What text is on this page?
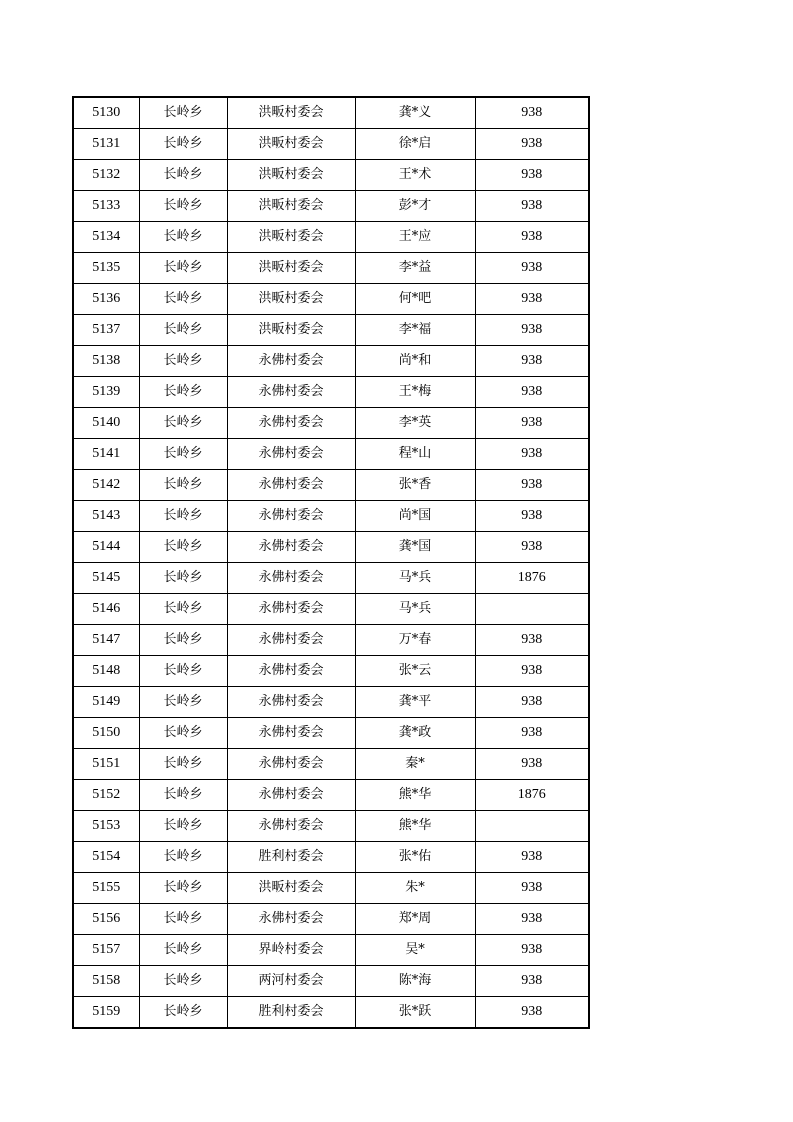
5130	长岭乡	洪畈村委会	龚*义	938
5131	长岭乡	洪畈村委会	徐*启	938
5132	长岭乡	洪畈村委会	王*术	938
5133	长岭乡	洪畈村委会	彭*才	938
5134	长岭乡	洪畈村委会	王*应	938
5135	长岭乡	洪畈村委会	李*益	938
5136	长岭乡	洪畈村委会	何*吧	938
5137	长岭乡	洪畈村委会	李*福	938
5138	长岭乡	永佛村委会	尚*和	938
5139	长岭乡	永佛村委会	王*梅	938
5140	长岭乡	永佛村委会	李*英	938
5141	长岭乡	永佛村委会	程*山	938
5142	长岭乡	永佛村委会	张*香	938
5143	长岭乡	永佛村委会	尚*国	938
5144	长岭乡	永佛村委会	龚*国	938
5145	长岭乡	永佛村委会	马*兵	1876
5146	长岭乡	永佛村委会	马*兵	
5147	长岭乡	永佛村委会	万*春	938
5148	长岭乡	永佛村委会	张*云	938
5149	长岭乡	永佛村委会	龚*平	938
5150	长岭乡	永佛村委会	龚*政	938
5151	长岭乡	永佛村委会	秦*	938
5152	长岭乡	永佛村委会	熊*华	1876
5153	长岭乡	永佛村委会	熊*华	
5154	长岭乡	胜利村委会	张*佑	938
5155	长岭乡	洪畈村委会	朱*	938
5156	长岭乡	永佛村委会	郑*周	938
5157	长岭乡	界岭村委会	吴*	938
5158	长岭乡	两河村委会	陈*海	938
5159	长岭乡	胜利村委会	张*跃	938
